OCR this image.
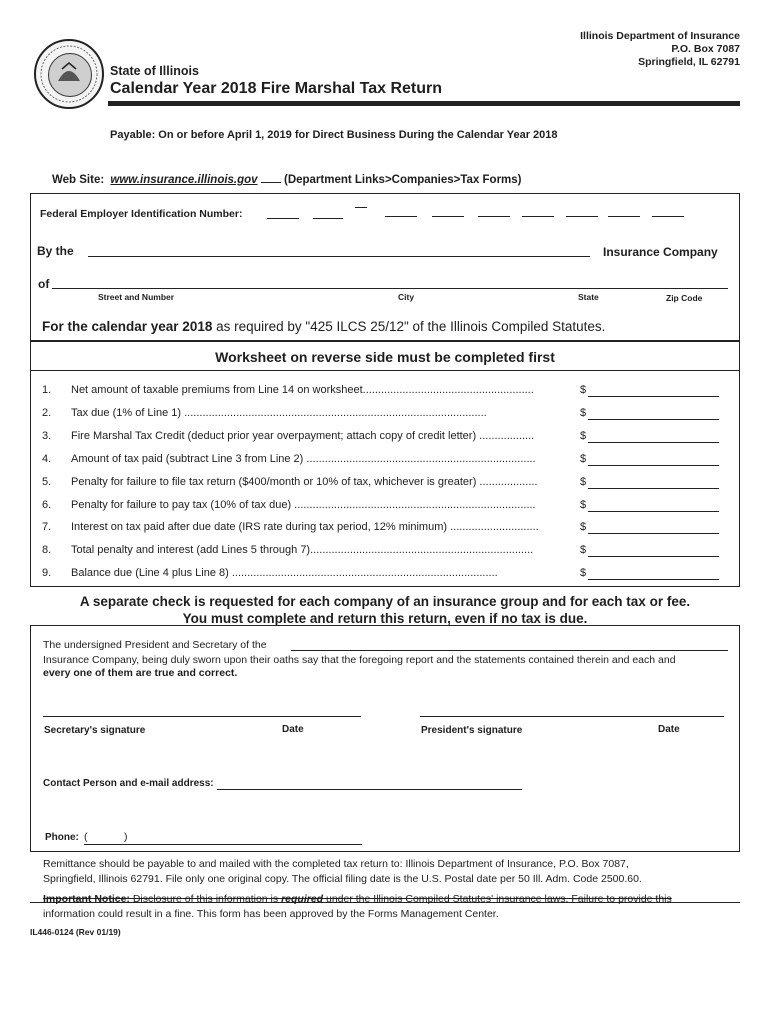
Illinois Department of Insurance
P.O. Box 7087
Springfield, IL 62791
State of Illinois
Calendar Year 2018 Fire Marshal Tax Return
Payable: On or before April 1, 2019 for Direct Business During the Calendar Year 2018
Web Site: www.insurance.illinois.gov (Department Links>Companies>Tax Forms)
Federal Employer Identification Number:
By the	Insurance Company
of
Street and Number	City	State	Zip Code
For the calendar year 2018 as required by "425 ILCS 25/12" of the Illinois Compiled Statutes.
Worksheet on reverse side must be completed first
1.	Net amount of taxable premiums from Line 14 on worksheet........................................................	$
2.	Tax due (1% of Line 1) ...................................................................................................	$
3.	Fire Marshal Tax Credit (deduct prior year overpayment; attach copy of credit letter) ..................	$
4.	Amount of tax paid (subtract Line 3 from Line 2) ...........................................................................	$
5.	Penalty for failure to file tax return ($400/month or 10% of tax, whichever is greater) ...................	$
6.	Penalty for failure to pay tax (10% of tax due) ...............................................................................	$
7.	Interest on tax paid after due date (IRS rate during tax period, 12% minimum) .............................	$
8.	Total penalty and interest (add Lines 5 through 7).........................................................................	$
9.	Balance due (Line 4 plus Line 8) .......................................................................................	$
A separate check is requested for each company of an insurance group and for each tax or fee.
You must complete and return this return, even if no tax is due.
The undersigned President and Secretary of the
Insurance Company, being duly sworn upon their oaths say that the foregoing report and the statements contained therein and each and
every one of them are true and correct.
Secretary's signature	Date	President's signature	Date
Contact Person and e-mail address:
Phone: (	)
Remittance should be payable to and mailed with the completed tax return to: Illinois Department of Insurance, P.O. Box 7087,
Springfield, Illinois 62791. File only one original copy. The official filing date is the U.S. Postal date per 50 Ill. Adm. Code 2500.60.
Important Notice: Disclosure of this information is required under the Illinois Compiled Statutes' insurance laws. Failure to provide this
information could result in a fine. This form has been approved by the Forms Management Center.
IL446-0124 (Rev 01/19)
